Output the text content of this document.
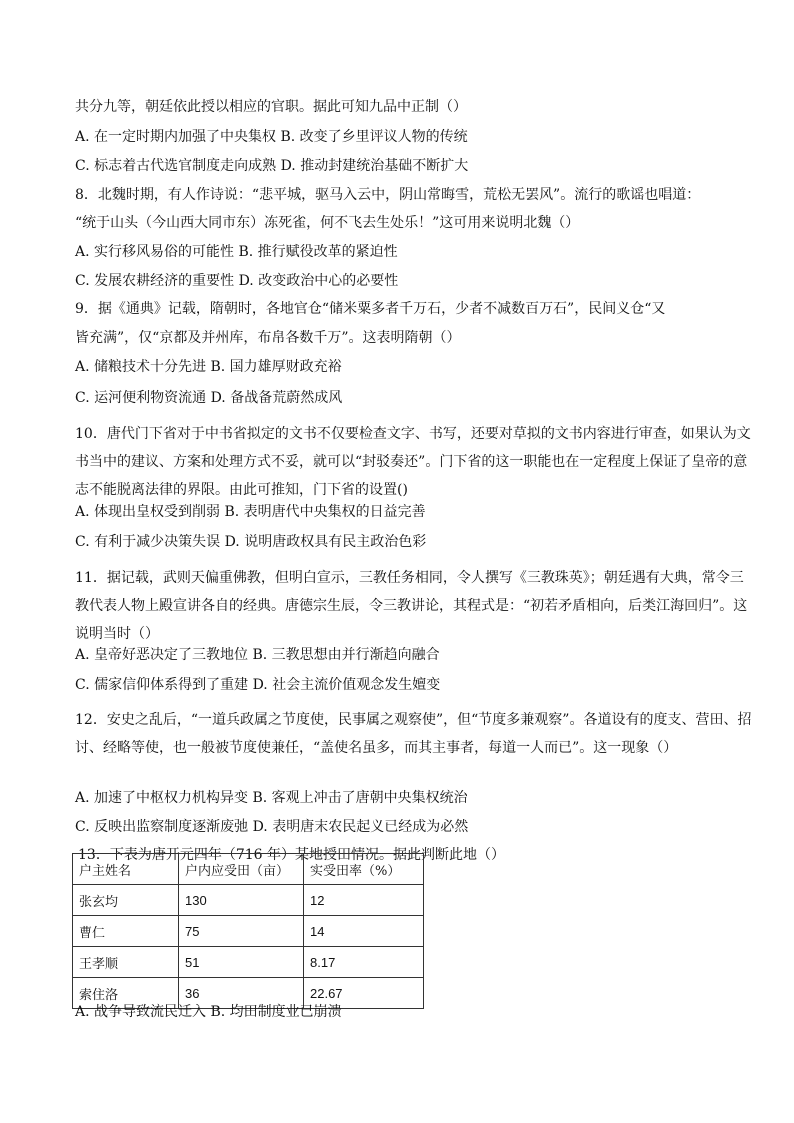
共分九等，朝廷依此授以相应的官职。据此可知九品中正制（）
A. 在一定时期内加强了中央集权 B. 改变了乡里评议人物的传统
C. 标志着古代选官制度走向成熟 D. 推动封建统治基础不断扩大
8．北魏时期，有人作诗说：“悲平城，驱马入云中，阴山常晦雪，荒松无罢风”。流行的歌谣也唱道：
“统于山头（今山西大同市东）冻死雀，何不飞去生处乐！”这可用来说明北魏（）
A. 实行移风易俗的可能性 B. 推行赋役改革的紧迫性
C. 发展农耕经济的重要性 D. 改变政治中心的必要性
9．据《通典》记载，隋朝时，各地官仓“储米粟多者千万石，少者不减数百万石”，民间义仓“又
皆充满”，仅“京都及并州库，布帛各数千万”。这表明隋朝（）
A. 储粮技术十分先进 B. 国力雄厚财政充裕
C. 运河便利物资流通 D. 备战备荒蔚然成风
10．唐代门下省对于中书省拟定的文书不仅要检查文字、书写，还要对草拟的文书内容进行审查，如果认为文书当中的建议、方案和处理方式不妥，就可以“封驳奏还”。门下省的这一职能也在一定程度上保证了皇帝的意志不能脱离法律的界限。由此可推知，门下省的设置()
A. 体现出皇权受到削弱 B. 表明唐代中央集权的日益完善
C. 有利于减少决策失误 D. 说明唐政权具有民主政治色彩
11．据记载，武则天偏重佛教，但明白宣示，三教任务相同，令人撰写《三教珠英》；朝廷遇有大典，常令三教代表人物上殿宣讲各自的经典。唐德宗生辰，令三教讲论，其程式是：“初若矛盾相向，后类江海回归”。这说明当时（）
A. 皇帝好恶决定了三教地位 B. 三教思想由并行渐趋向融合
C. 儒家信仰体系得到了重建 D. 社会主流价值观念发生嬗变
12．安史之乱后，“一道兵政属之节度使，民事属之观察使”，但“节度多兼观察”。各道设有的度支、营田、招讨、经略等使，也一般被节度使兼任，“盖使名虽多，而其主事者，每道一人而已”。这一现象（）
A. 加速了中枢权力机构异变 B. 客观上冲击了唐朝中央集权统治
C. 反映出监察制度逐渐废弛 D. 表明唐末农民起义已经成为必然
13．下表为唐开元四年（716 年）某地授田情况。据此判断此地（）
户主姓名	户内应受田（亩）	实受田率（%）
张玄均	130	12
曹仁	75	14
王孝顺	51	8.17
索住洛	36	22.67
A. 战争导致流民迁入 B. 均田制度业已崩溃
